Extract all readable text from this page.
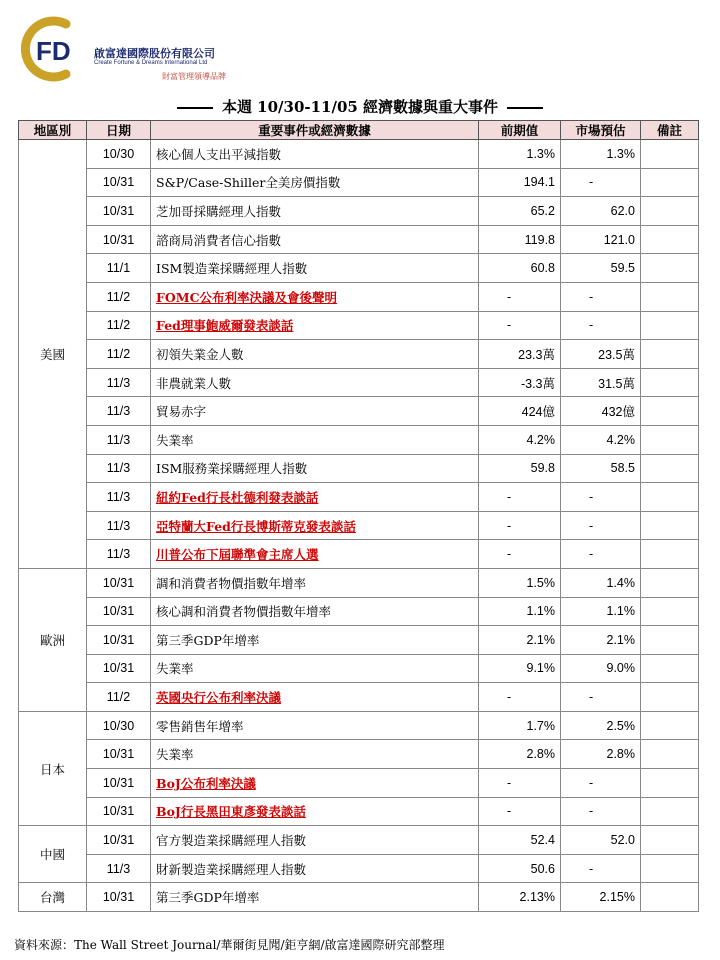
FD 啟富達國際股份有限公司
Create Fortune & Dreams International Ltd
財富管理領導品牌
本週 10/30-11/05 經濟數據與重大事件
地區別	日期	重要事件或經濟數據	前期值	市場預估	備註
美國	10/30	核心個人支出平減指數	1.3%	1.3%	
	10/31	S&P/Case-Shiller全美房價指數	194.1	-	
	10/31	芝加哥採購經理人指數	65.2	62.0	
	10/31	諮商局消費者信心指數	119.8	121.0	
	11/1	ISM製造業採購經理人指數	60.8	59.5	
	11/2	FOMC公布利率決議及會後聲明	-	-	
	11/2	Fed理事鮑威爾發表談話	-	-	
	11/2	初領失業金人數	23.3萬	23.5萬	
	11/3	非農就業人數	-3.3萬	31.5萬	
	11/3	貿易赤字	424億	432億	
	11/3	失業率	4.2%	4.2%	
	11/3	ISM服務業採購經理人指數	59.8	58.5	
	11/3	紐約Fed行長杜德利發表談話	-	-	
	11/3	亞特蘭大Fed行長博斯蒂克發表談話	-	-	
	11/3	川普公布下屆聯準會主席人選	-	-	
歐洲	10/31	調和消費者物價指數年增率	1.5%	1.4%	
	10/31	核心調和消費者物價指數年增率	1.1%	1.1%	
	10/31	第三季GDP年增率	2.1%	2.1%	
	10/31	失業率	9.1%	9.0%	
	11/2	英國央行公布利率決議	-	-	
日本	10/30	零售銷售年增率	1.7%	2.5%	
	10/31	失業率	2.8%	2.8%	
	10/31	BoJ公布利率決議	-	-	
	10/31	BoJ行長黑田東彥發表談話	-	-	
中國	10/31	官方製造業採購經理人指數	52.4	52.0	
	11/3	財新製造業採購經理人指數	50.6	-	
台灣	10/31	第三季GDP年增率	2.13%	2.15%	
資料來源：The Wall Street Journal/華爾街見聞/鉅亨網/啟富達國際研究部整理
